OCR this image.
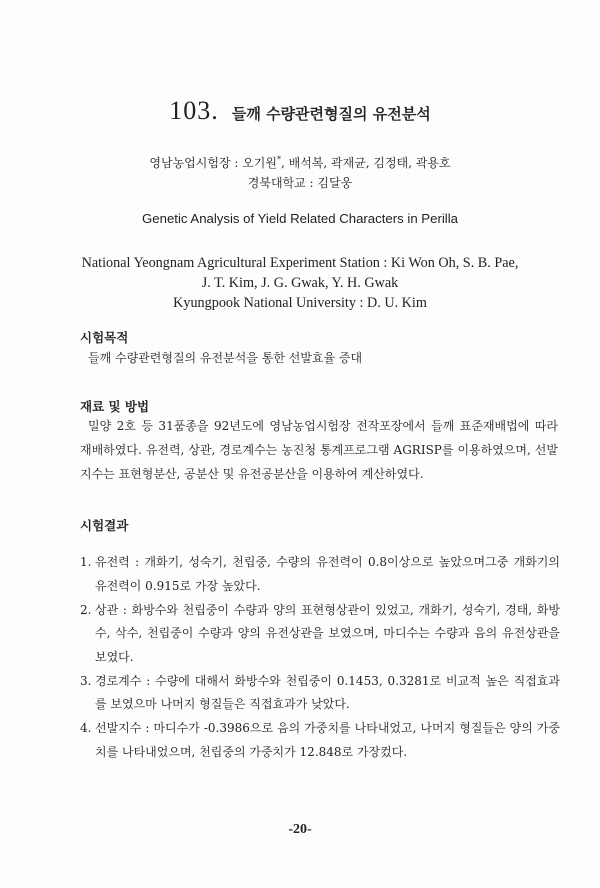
103. 들깨 수량관련형질의 유전분석
영남농업시험장 : 오기원*, 배석복, 곽재균, 김정태, 곽용호
경북대학교 : 김달웅
Genetic Analysis of Yield Related Characters in Perilla
National Yeongnam Agricultural Experiment Station : Ki Won Oh, S. B. Pae,
J. T. Kim, J. G. Gwak, Y. H. Gwak
Kyungpook National University : D. U. Kim
시험목적
들깨 수량관련형질의 유전분석을 통한 선발효율 증대
재료 및 방법
밀양 2호 등 31품종을 92년도에 영남농업시험장 전작포장에서 들깨 표준재배법에 따라 재배하였다. 유전력, 상관, 경로계수는 농진청 통계프로그램 AGRISP를 이용하였으며, 선발지수는 표현형분산, 공분산 및 유전공분산을 이용하여 계산하였다.
시험결과
1. 유전력 : 개화기, 성숙기, 천립중, 수량의 유전력이 0.8이상으로 높았으며그중 개화기의 유전력이 0.915로 가장 높았다.
2. 상관 : 화방수와 천립중이 수량과 양의 표현형상관이 있었고, 개화기, 성숙기, 경태, 화방수, 삭수, 천립중이 수량과 양의 유전상관을 보였으며, 마디수는 수량과 음의 유전상관을 보였다.
3. 경로계수 : 수량에 대해서 화방수와 천립중이 0.1453, 0.3281로 비교적 높은 직접효과를 보였으마 나머지 형질들은 직접효과가 낮았다.
4. 선발지수 : 마디수가 -0.3986으로 음의 가중치를 나타내었고, 나머지 형질들은 양의 가중치를 나타내었으며, 천립중의 가중치가 12.848로 가장컸다.
-20-
